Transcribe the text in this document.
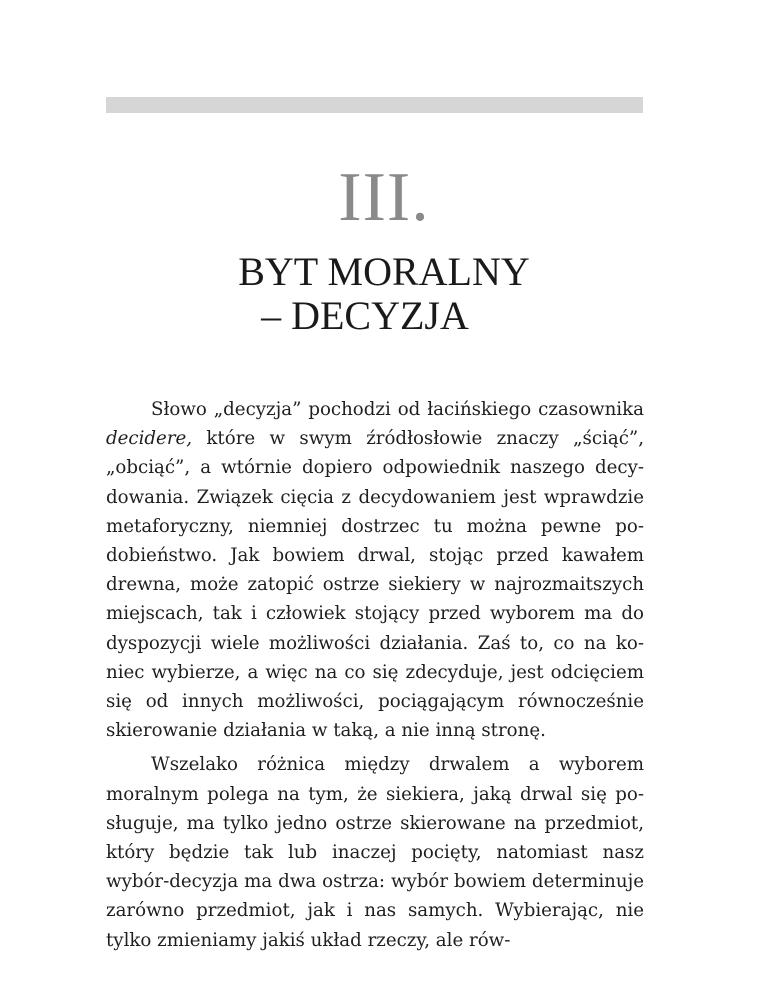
III.
BYT MORALNY
– DECYZJA

Słowo „decyzja” pochodzi od łacińskiego czasownika decidere, które w swym źródłosłowie znaczy „ściąć”, „obciąć”, a wtórnie dopiero odpowiednik naszego decydowania. Związek cięcia z decydowaniem jest wprawdzie metaforyczny, niemniej dostrzec tu można pewne podobieństwo. Jak bowiem drwal, stojąc przed kawałem drewna, może zatopić ostrze siekiery w najrozmaitszych miejscach, tak i człowiek stojący przed wyborem ma do dyspozycji wiele możliwości działania. Zaś to, co na koniec wybierze, a więc na co się zdecyduje, jest odcięciem się od innych możliwości, pociągającym równocześnie skierowanie działania w taką, a nie inną stronę.

Wszelako różnica między drwalem a wyborem moralnym polega na tym, że siekiera, jaką drwal się posługuje, ma tylko jedno ostrze skierowane na przedmiot, który będzie tak lub inaczej pocięty, natomiast nasz wybór-decyzja ma dwa ostrza: wybór bowiem determinuje zarówno przedmiot, jak i nas samych. Wybierając, nie tylko zmieniamy jakiś układ rzeczy, ale rów-
